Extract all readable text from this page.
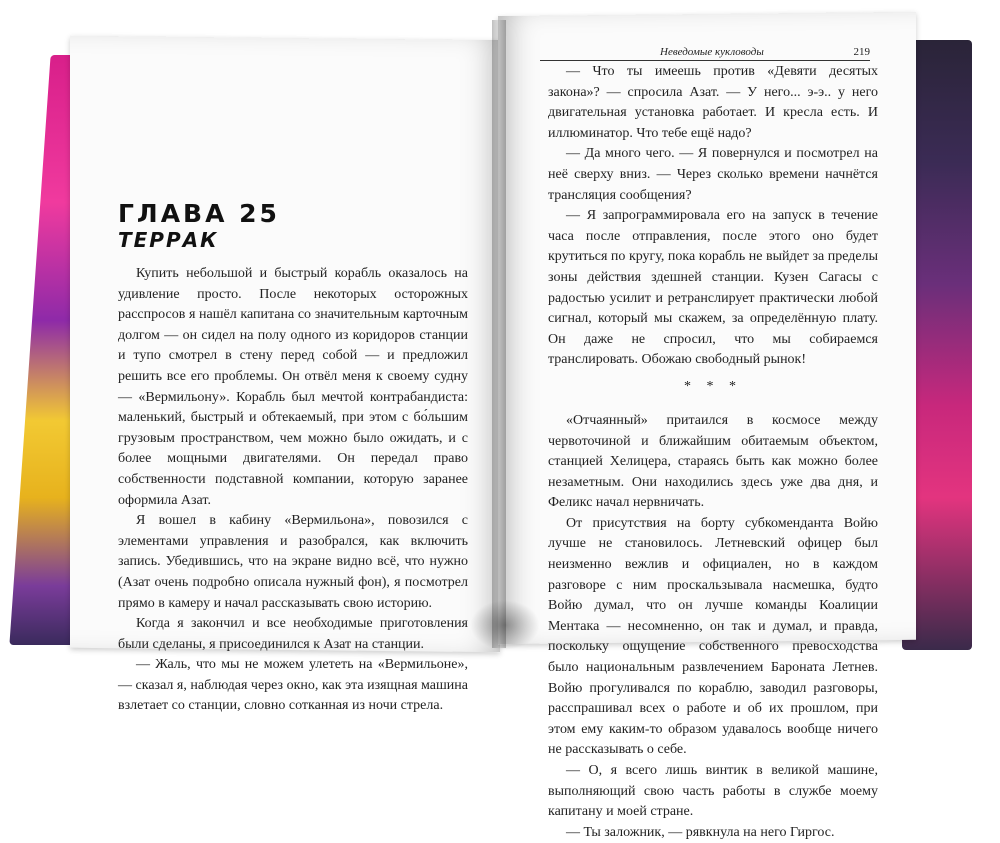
ГЛАВА 25
ТЕРРАК

Купить небольшой и быстрый корабль оказалось на удивление просто. После некоторых осторожных расспросов я нашёл капитана со значительным карточным долгом — он сидел на полу одного из коридоров станции и тупо смотрел в стену перед собой — и предложил решить все его проблемы. Он отвёл меня к своему судну — «Вермильону». Корабль был мечтой контрабандиста: маленький, быстрый и обтекаемый, при этом с бо́льшим грузовым пространством, чем можно было ожидать, и с более мощными двигателями. Он передал право собственности подставной компании, которую заранее оформила Азат.

Я вошел в кабину «Вермильона», повозился с элементами управления и разобрался, как включить запись. Убедившись, что на экране видно всё, что нужно (Азат очень подробно описала нужный фон), я посмотрел прямо в камеру и начал рассказывать свою историю.

Когда я закончил и все необходимые приготовления были сделаны, я присоединился к Азат на станции.

— Жаль, что мы не можем улететь на «Вермильоне», — сказал я, наблюдая через окно, как эта изящная машина взлетает со станции, словно сотканная из ночи стрела.

Неведомые кукловоды	219

— Что ты имеешь против «Девяти десятых закона»? — спросила Азат. — У него... э-э.. у него двигательная установка работает. И кресла есть. И иллюминатор. Что тебе ещё надо?

— Да много чего. — Я повернулся и посмотрел на неё сверху вниз. — Через сколько времени начнётся трансляция сообщения?

— Я запрограммировала его на запуск в течение часа после отправления, после этого оно будет крутиться по кругу, пока корабль не выйдет за пределы зоны действия здешней станции. Кузен Сагасы с радостью усилит и ретранслирует практически любой сигнал, который мы скажем, за определённую плату. Он даже не спросил, что мы собираемся транслировать. Обожаю свободный рынок!

* * *

«Отчаянный» притаился в космосе между червоточиной и ближайшим обитаемым объектом, станцией Хелицера, стараясь быть как можно более незаметным. Они находились здесь уже два дня, и Феликс начал нервничать.

От присутствия на борту субкомендантa Войю лучше не становилось. Летневский офицер был неизменно вежлив и официален, но в каждом разговоре с ним проскальзывала насмешка, будто Войю думал, что он лучше команды Коалиции Ментака — несомненно, он так и думал, и правда, поскольку ощущение собственного превосходства было национальным развлечением Бароната Летнев. Войю прогуливался по кораблю, заводил разговоры, расспрашивал всех о работе и об их прошлом, при этом ему каким-то образом удавалось вообще ничего не рассказывать о себе.

— О, я всего лишь винтик в великой машине, выполняющий свою часть работы в службе моему капитану и моей стране.

— Ты заложник, — рявкнула на него Гиргос.
